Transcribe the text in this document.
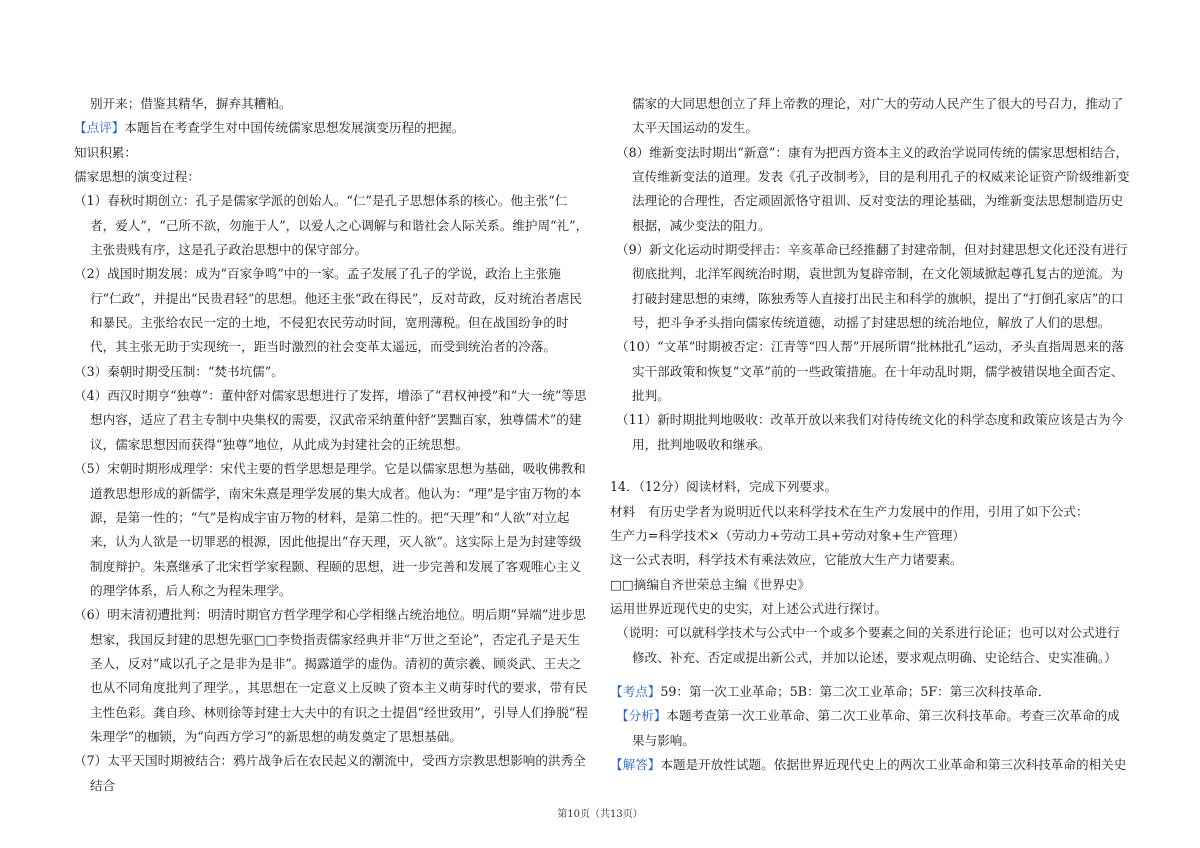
别开来；借鉴其精华，摒弃其糟粕。

【点评】本题旨在考查学生对中国传统儒家思想发展演变历程的把握。

知识积累：

儒家思想的演变过程：

（1）春秋时期创立：孔子是儒家学派的创始人。“仁”是孔子思想体系的核心。他主张“仁者，爱人”，“己所不欲，勿施于人”，以爱人之心调解与和谐社会人际关系。维护周“礼”，主张贵贱有序，这是孔子政治思想中的保守部分。

（2）战国时期发展：成为“百家争鸣”中的一家。孟子发展了孔子的学说，政治上主张施行“仁政”，并提出“民贵君轻”的思想。他还主张“政在得民”，反对苛政，反对统治者虐民和暴民。主张给农民一定的土地，不侵犯农民劳动时间，宽刑薄税。但在战国纷争的时代，其主张无助于实现统一，距当时激烈的社会变革太遥远，而受到统治者的冷落。

（3）秦朝时期受压制：“焚书坑儒”。

（4）西汉时期亨“独尊”：董仲舒对儒家思想进行了发挥，增添了“君权神授”和“大一统”等思想内容，适应了君主专制中央集权的需要，汉武帝采纳董仲舒“罢黜百家，独尊儒术”的建议，儒家思想因而获得“独尊”地位，从此成为封建社会的正统思想。

（5）宋朝时期形成理学：宋代主要的哲学思想是理学。它是以儒家思想为基础，吸收佛教和道教思想形成的新儒学，南宋朱熹是理学发展的集大成者。他认为：“理”是宇宙万物的本源，是第一性的；“气”是构成宇宙万物的材料，是第二性的。把“天理”和“人欲”对立起来，认为人欲是一切罪恶的根源，因此他提出“存天理，灭人欲”。这实际上是为封建等级制度辩护。朱熹继承了北宋哲学家程颢、程颐的思想，进一步完善和发展了客观唯心主义的理学体系，后人称之为程朱理学。

（6）明末清初遭批判：明清时期官方哲学理学和心学相继占统治地位。明后期“异端”进步思想家，我国反封建的思想先驱□□李贽指责儒家经典并非“万世之至论”，否定孔子是天生圣人，反对“咸以孔子之是非为是非”。揭露道学的虚伪。清初的黄宗羲、顾炎武、王夫之也从不同角度批判了理学。，其思想在一定意义上反映了资本主义萌芽时代的要求，带有民主性色彩。龚自珍、林则徐等封建士大夫中的有识之士提倡“经世致用”，引导人们挣脱“程朱理学”的枷锁，为“向西方学习”的新思想的萌发奠定了思想基础。

（7）太平天国时期被结合：鸦片战争后在农民起义的潮流中，受西方宗教思想影响的洪秀全结合

儒家的大同思想创立了拜上帝教的理论，对广大的劳动人民产生了很大的号召力，推动了太平天国运动的发生。

（8）维新变法时期出“新意”：康有为把西方资本主义的政治学说同传统的儒家思想相结合，宣传维新变法的道理。发表《孔子改制考》，目的是利用孔子的权威来论证资产阶级维新变法理论的合理性，否定顽固派恪守祖训、反对变法的理论基础，为维新变法思想制造历史根据，减少变法的阻力。

（9）新文化运动时期受抨击：辛亥革命已经推翻了封建帝制，但对封建思想文化还没有进行彻底批判，北洋军阀统治时期，袁世凯为复辟帝制，在文化领域掀起尊孔复古的逆流。为打破封建思想的束缚，陈独秀等人直接打出民主和科学的旗帜，提出了“打倒孔家店”的口号，把斗争矛头指向儒家传统道德，动摇了封建思想的统治地位，解放了人们的思想。

（10）“文革”时期被否定：江青等“四人帮”开展所谓“批林批孔”运动，矛头直指周恩来的落实干部政策和恢复“文革”前的一些政策措施。在十年动乱时期，儒学被错误地全面否定、批判。

（11）新时期批判地吸收：改革开放以来我们对待传统文化的科学态度和政策应该是古为今用，批判地吸收和继承。

14．（12分）阅读材料，完成下列要求。

材料　有历史学者为说明近代以来科学技术在生产力发展中的作用，引用了如下公式：

生产力=科学技术×（劳动力+劳动工具+劳动对象+生产管理）

这一公式表明，科学技术有乘法效应，它能放大生产力诸要素。

□□摘编自齐世荣总主编《世界史》

运用世界近现代史的史实，对上述公式进行探讨。

（说明：可以就科学技术与公式中一个或多个要素之间的关系进行论证；也可以对公式进行修改、补充、否定或提出新公式，并加以论述，要求观点明确、史论结合、史实准确。）

【考点】59：第一次工业革命；5B：第二次工业革命；5F：第三次科技革命．

【分析】本题考查第一次工业革命、第二次工业革命、第三次科技革命。考查三次革命的成果与影响。

【解答】本题是开放性试题。依据世界近现代史上的两次工业革命和第三次科技革命的相关史

第10页（共13页）
